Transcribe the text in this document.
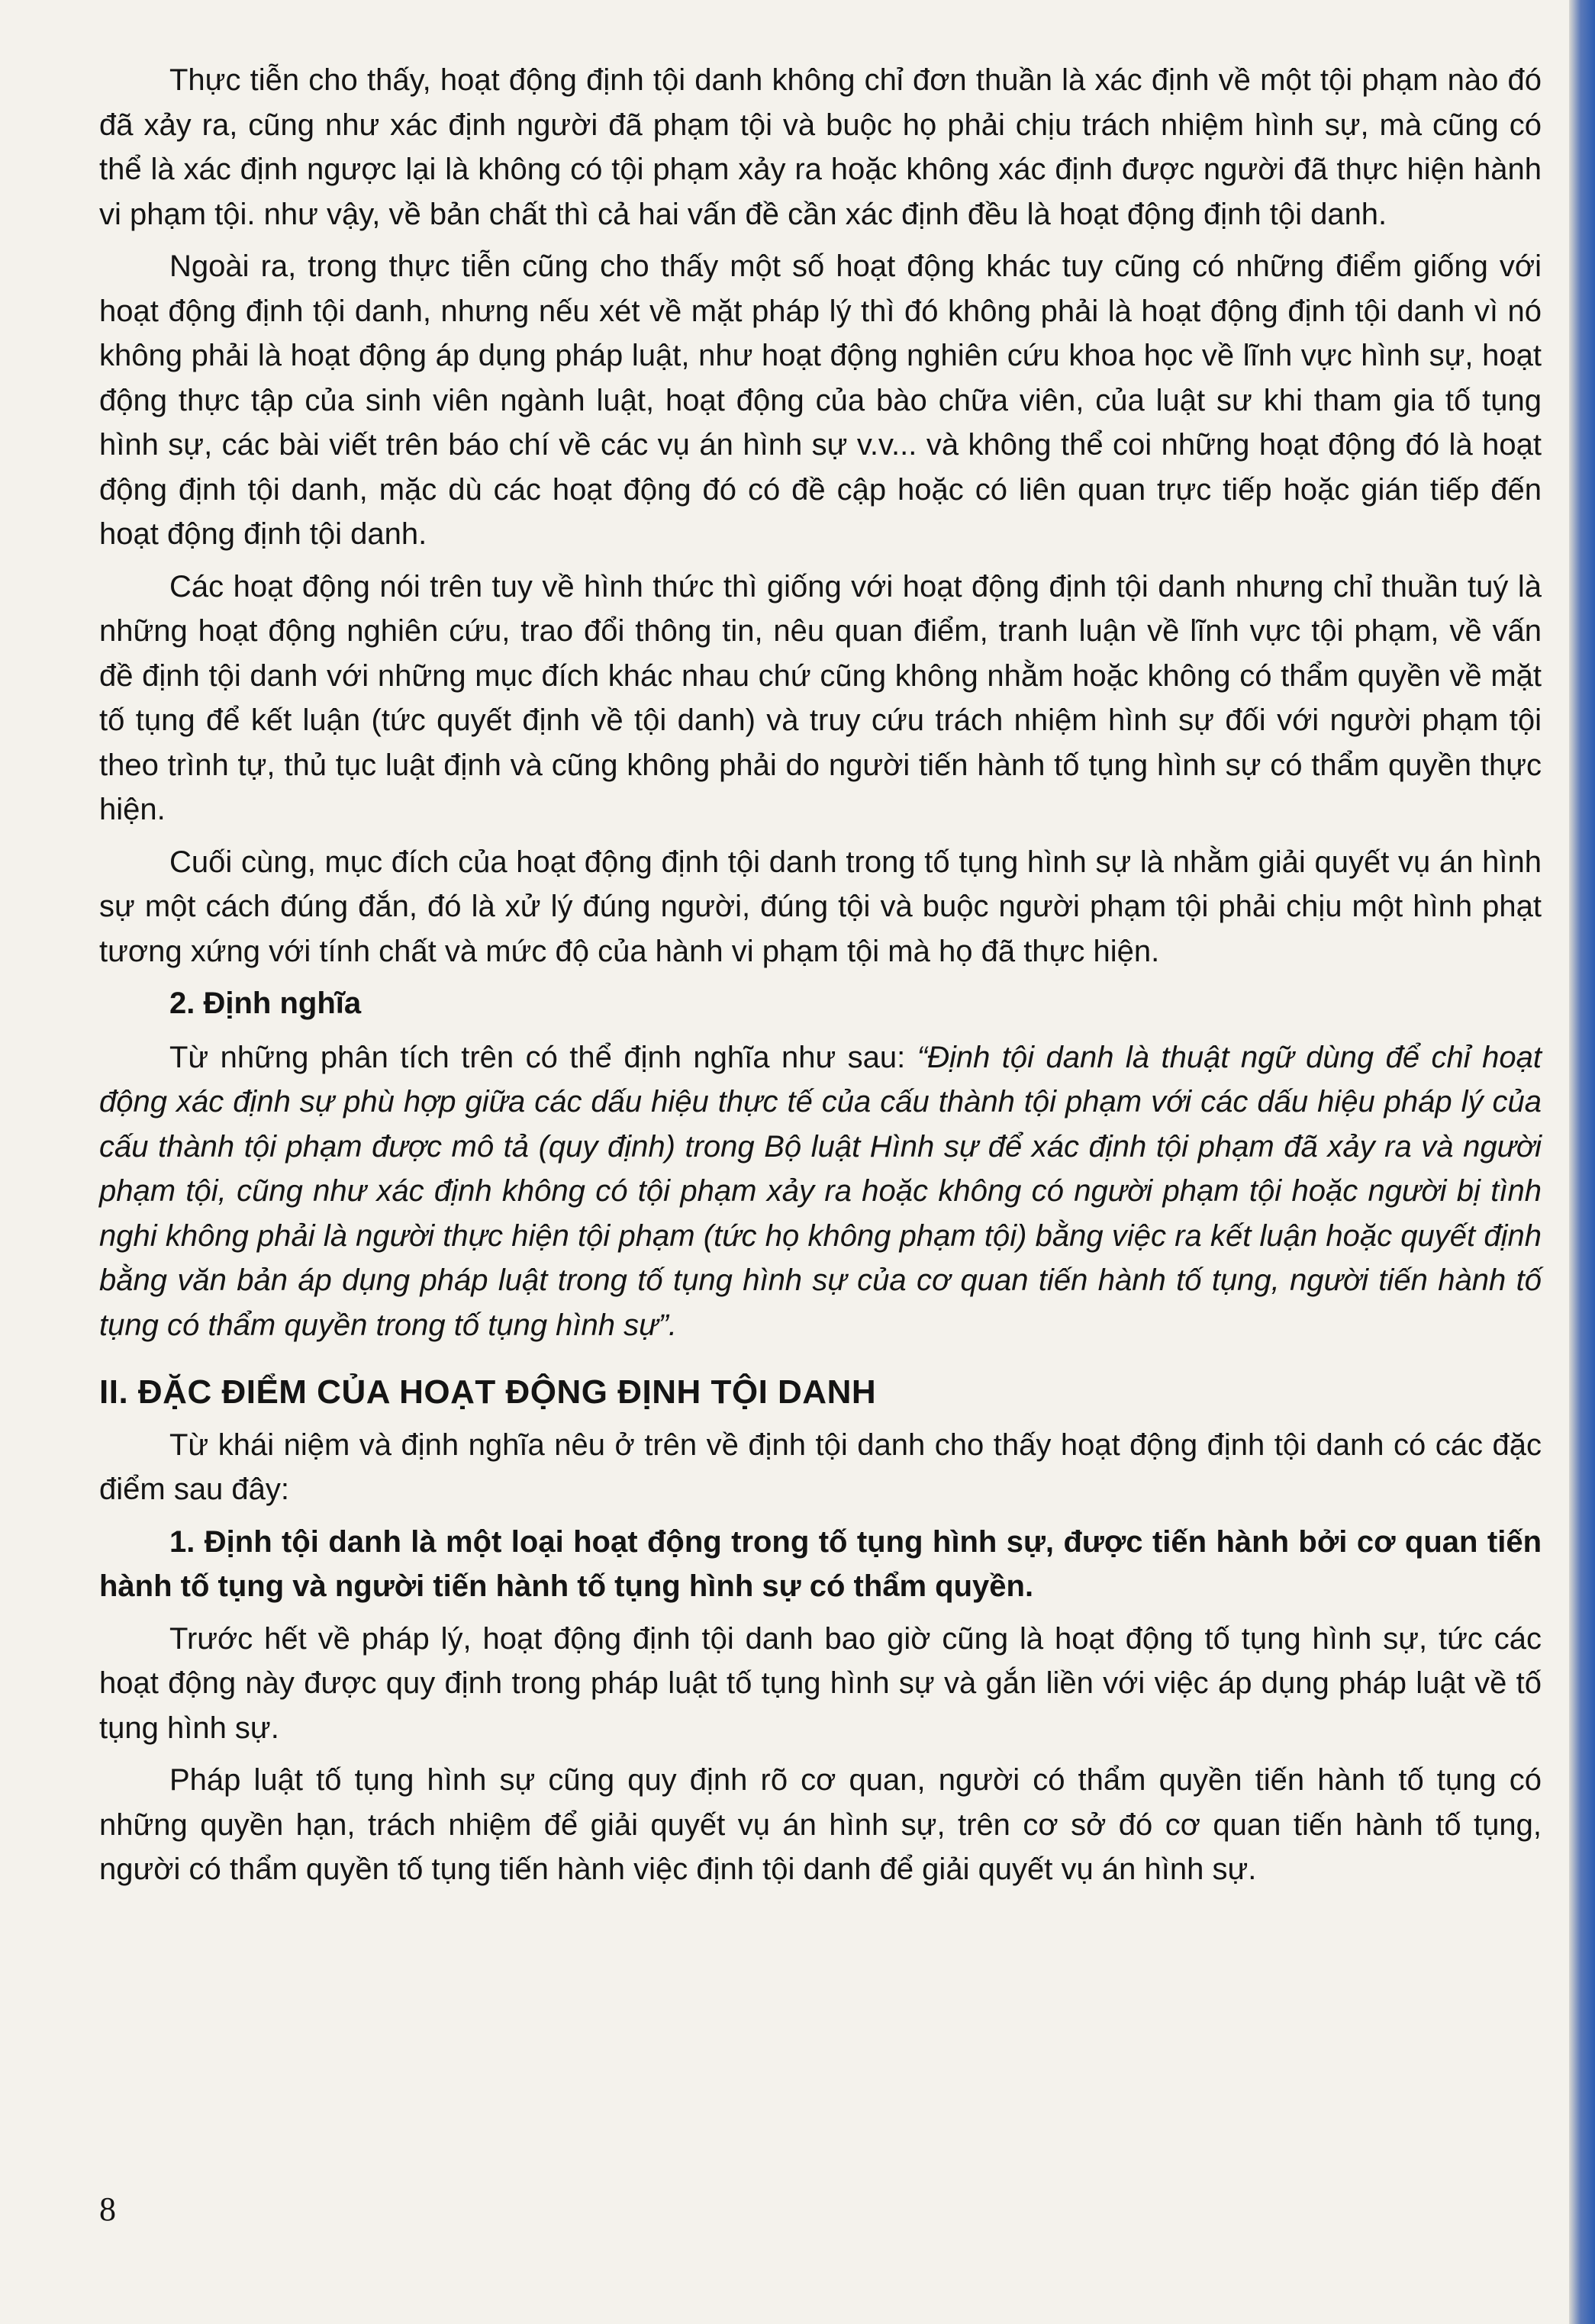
Thực tiễn cho thấy, hoạt động định tội danh không chỉ đơn thuần là xác định về một tội phạm nào đó đã xảy ra, cũng như xác định người đã phạm tội và buộc họ phải chịu trách nhiệm hình sự, mà cũng có thể là xác định ngược lại là không có tội phạm xảy ra hoặc không xác định được người đã thực hiện hành vi phạm tội. như vậy, về bản chất thì cả hai vấn đề cần xác định đều là hoạt động định tội danh.

Ngoài ra, trong thực tiễn cũng cho thấy một số hoạt động khác tuy cũng có những điểm giống với hoạt động định tội danh, nhưng nếu xét về mặt pháp lý thì đó không phải là hoạt động định tội danh vì nó không phải là hoạt động áp dụng pháp luật, như hoạt động nghiên cứu khoa học về lĩnh vực hình sự, hoạt động thực tập của sinh viên ngành luật, hoạt động của bào chữa viên, của luật sư khi tham gia tố tụng hình sự, các bài viết trên báo chí về các vụ án hình sự v.v... và không thể coi những hoạt động đó là hoạt động định tội danh, mặc dù các hoạt động đó có đề cập hoặc có liên quan trực tiếp hoặc gián tiếp đến hoạt động định tội danh.

Các hoạt động nói trên tuy về hình thức thì giống với hoạt động định tội danh nhưng chỉ thuần tuý là những hoạt động nghiên cứu, trao đổi thông tin, nêu quan điểm, tranh luận về lĩnh vực tội phạm, về vấn đề định tội danh với những mục đích khác nhau chứ cũng không nhằm hoặc không có thẩm quyền về mặt tố tụng để kết luận (tức quyết định về tội danh) và truy cứu trách nhiệm hình sự đối với người phạm tội theo trình tự, thủ tục luật định và cũng không phải do người tiến hành tố tụng hình sự có thẩm quyền thực hiện.

Cuối cùng, mục đích của hoạt động định tội danh trong tố tụng hình sự là nhằm giải quyết vụ án hình sự một cách đúng đắn, đó là xử lý đúng người, đúng tội và buộc người phạm tội phải chịu một hình phạt tương xứng với tính chất và mức độ của hành vi phạm tội mà họ đã thực hiện.

2. Định nghĩa

Từ những phân tích trên có thể định nghĩa như sau: “Định tội danh là thuật ngữ dùng để chỉ hoạt động xác định sự phù hợp giữa các dấu hiệu thực tế của cấu thành tội phạm với các dấu hiệu pháp lý của cấu thành tội phạm được mô tả (quy định) trong Bộ luật Hình sự để xác định tội phạm đã xảy ra và người phạm tội, cũng như xác định không có tội phạm xảy ra hoặc không có người phạm tội hoặc người bị tình nghi không phải là người thực hiện tội phạm (tức họ không phạm tội) bằng việc ra kết luận hoặc quyết định bằng văn bản áp dụng pháp luật trong tố tụng hình sự của cơ quan tiến hành tố tụng, người tiến hành tố tụng có thẩm quyền trong tố tụng hình sự”.

II. ĐẶC ĐIỂM CỦA HOẠT ĐỘNG ĐỊNH TỘI DANH

Từ khái niệm và định nghĩa nêu ở trên về định tội danh cho thấy hoạt động định tội danh có các đặc điểm sau đây:

1. Định tội danh là một loại hoạt động trong tố tụng hình sự, được tiến hành bởi cơ quan tiến hành tố tụng và người tiến hành tố tụng hình sự có thẩm quyền.

Trước hết về pháp lý, hoạt động định tội danh bao giờ cũng là hoạt động tố tụng hình sự, tức các hoạt động này được quy định trong pháp luật tố tụng hình sự và gắn liền với việc áp dụng pháp luật về tố tụng hình sự.

Pháp luật tố tụng hình sự cũng quy định rõ cơ quan, người có thẩm quyền tiến hành tố tụng có những quyền hạn, trách nhiệm để giải quyết vụ án hình sự, trên cơ sở đó cơ quan tiến hành tố tụng, người có thẩm quyền tố tụng tiến hành việc định tội danh để giải quyết vụ án hình sự.

8
